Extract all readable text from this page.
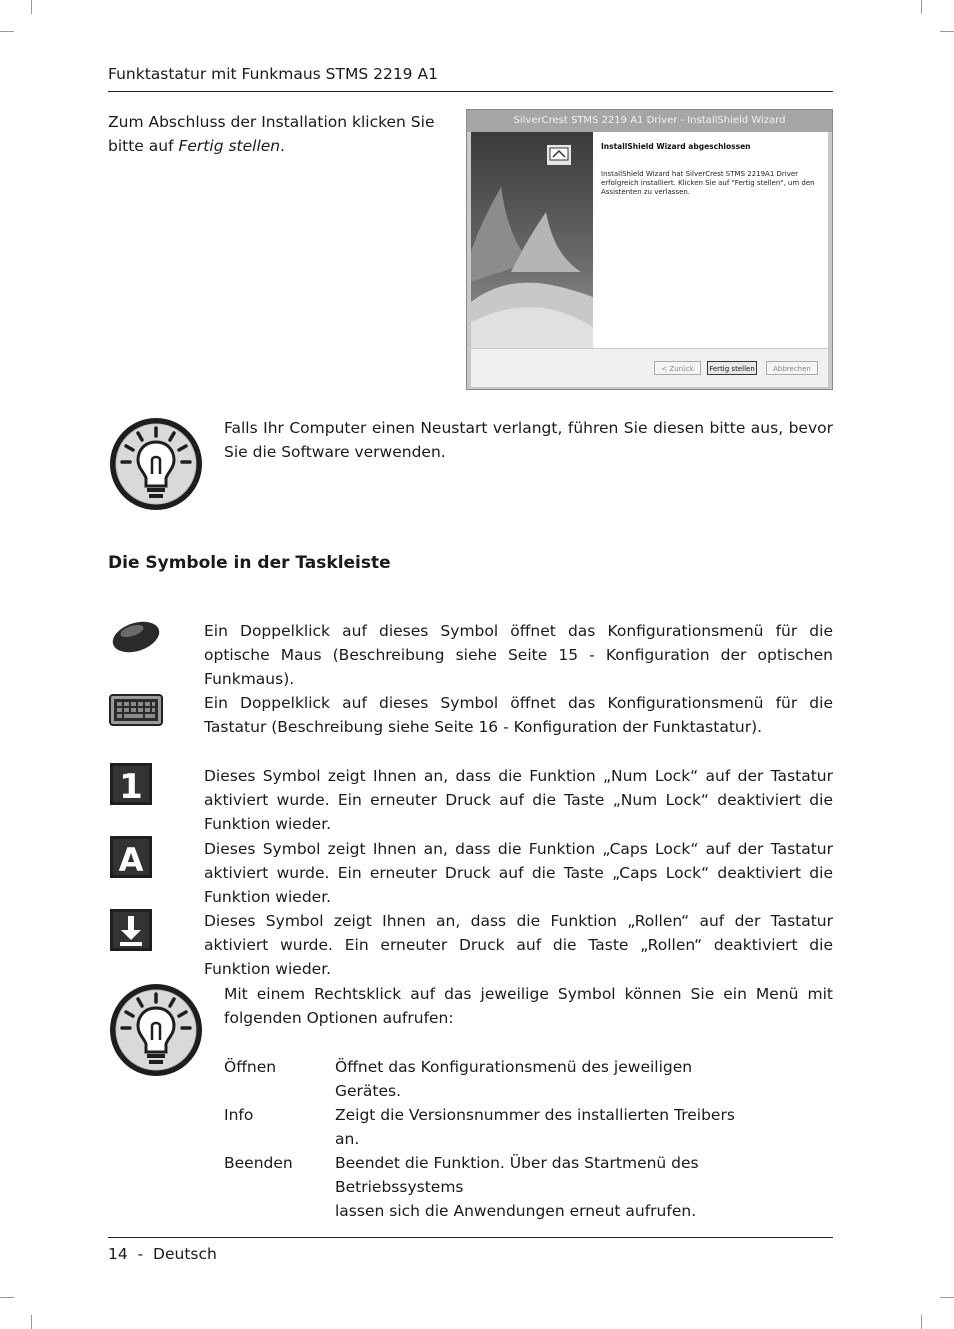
Funktastatur mit Funkmaus STMS 2219 A1
Zum Abschluss der Installation klicken Sie
bitte auf Fertig stellen.
SilverCrest STMS 2219 A1 Driver - InstallShield Wizard
InstallShield Wizard abgeschlossen
InstallShield Wizard hat SilverCrest STMS 2219A1 Driver erfolgreich installiert. Klicken Sie auf "Fertig stellen", um den Assistenten zu verlassen.
< Zurück	Fertig stellen	Abbrechen
Falls Ihr Computer einen Neustart verlangt, führen Sie diesen bitte aus, bevor Sie die Software verwenden.
Die Symbole in der Taskleiste
Ein Doppelklick auf dieses Symbol öffnet das Konfigurationsmenü für die optische Maus (Beschreibung siehe Seite 15 - Konfiguration der optischen Funkmaus).
Ein Doppelklick auf dieses Symbol öffnet das Konfigurationsmenü für die Tastatur (Beschreibung siehe Seite 16 - Konfiguration der Funktastatur).
1	Dieses Symbol zeigt Ihnen an, dass die Funktion „Num Lock“ auf der Tastatur aktiviert wurde. Ein erneuter Druck auf die Taste „Num Lock“ deaktiviert die Funktion wieder.
A	Dieses Symbol zeigt Ihnen an, dass die Funktion „Caps Lock“ auf der Tastatur aktiviert wurde. Ein erneuter Druck auf die Taste „Caps Lock“ deaktiviert die Funktion wieder.
Dieses Symbol zeigt Ihnen an, dass die Funktion „Rollen“ auf der Tastatur aktiviert wurde. Ein erneuter Druck auf die Taste „Rollen“ deaktiviert die Funktion wieder.
Mit einem Rechtsklick auf das jeweilige Symbol können Sie ein Menü mit folgenden Optionen aufrufen:
Öffnen	Öffnet das Konfigurationsmenü des jeweiligen
Gerätes.
Info	Zeigt die Versionsnummer des installierten Treibers
an.
Beenden	Beendet die Funktion. Über das Startmenü des Betriebssystems
lassen sich die Anwendungen erneut aufrufen.
14  -  Deutsch
